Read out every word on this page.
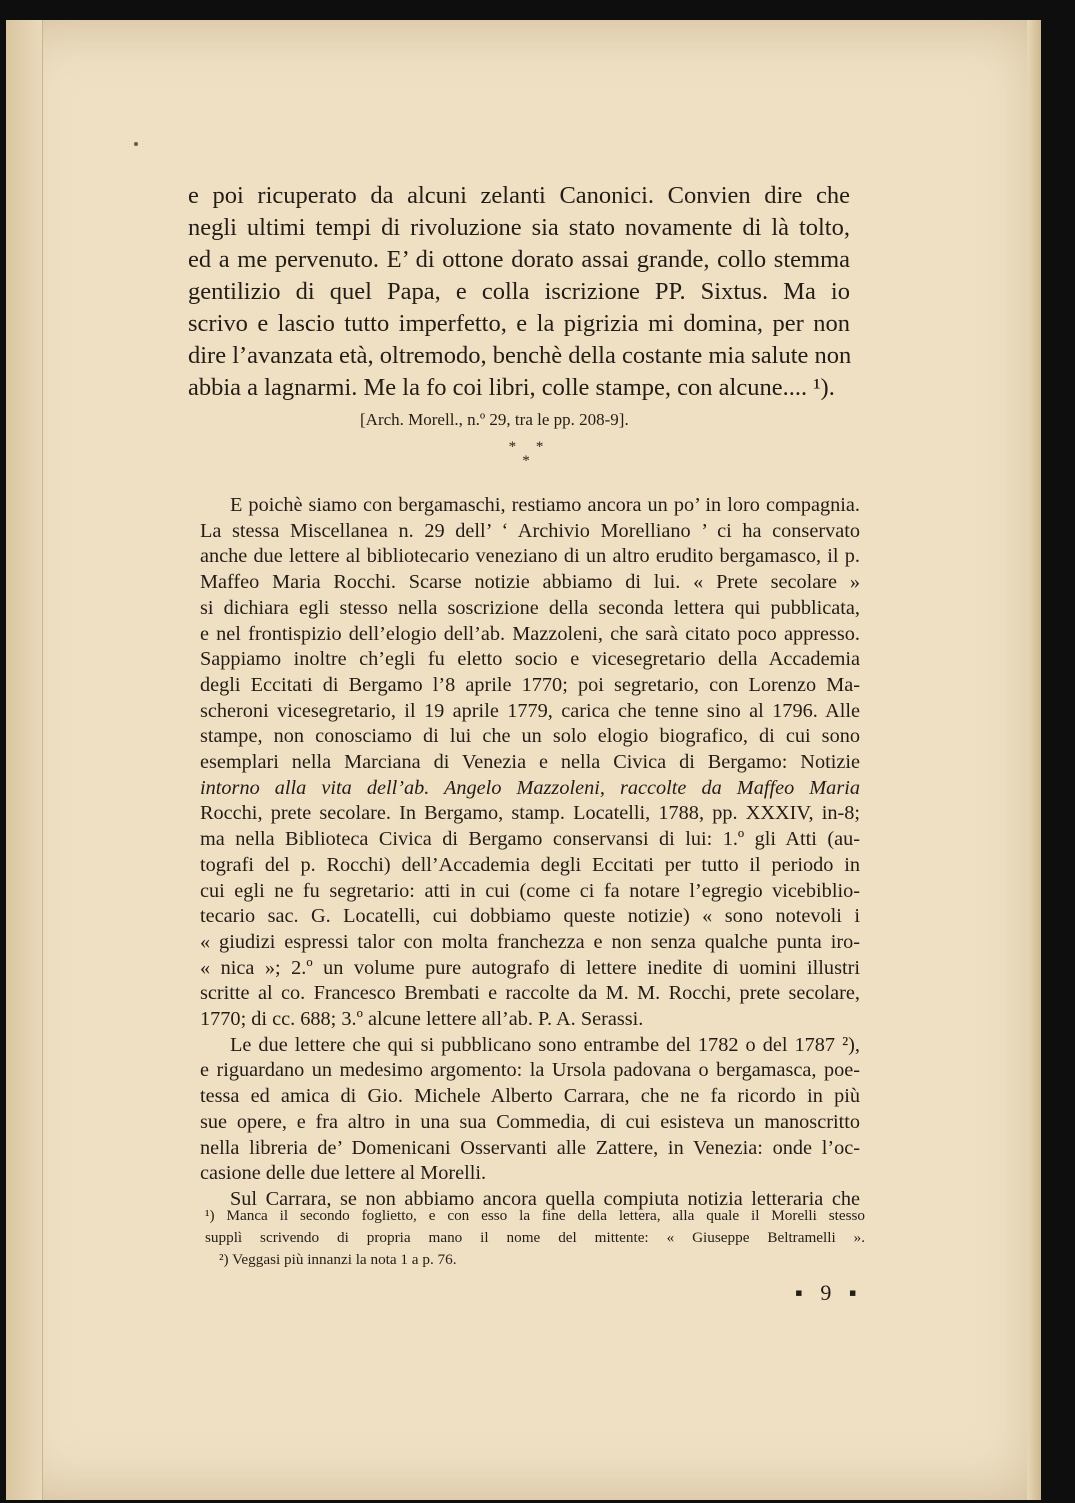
e poi ricuperato da alcuni zelanti Canonici. Convien dire che
negli ultimi tempi di rivoluzione sia stato novamente di là tolto,
ed a me pervenuto. E’ di ottone dorato assai grande, collo stemma
gentilizio di quel Papa, e colla iscrizione PP. Sixtus. Ma io
scrivo e lascio tutto imperfetto, e la pigrizia mi domina, per non
dire l’avanzata età, oltremodo, benchè della costante mia salute non
abbia a lagnarmi. Me la fo coi libri, colle stampe, con alcune.... ¹).
[Arch. Morell., n.º 29, tra le pp. 208-9].
* * *
E poichè siamo con bergamaschi, restiamo ancora un po’ in loro compagnia.
La stessa Miscellanea n. 29 dell’ ‘ Archivio Morelliano ’ ci ha conservato
anche due lettere al bibliotecario veneziano di un altro erudito bergamasco, il p.
Maffeo Maria Rocchi. Scarse notizie abbiamo di lui. « Prete secolare »
si dichiara egli stesso nella soscrizione della seconda lettera qui pubblicata,
e nel frontispizio dell’elogio dell’ab. Mazzoleni, che sarà citato poco appresso.
Sappiamo inoltre ch’egli fu eletto socio e vicesegretario della Accademia
degli Eccitati di Bergamo l’8 aprile 1770; poi segretario, con Lorenzo Ma-
scheroni vicesegretario, il 19 aprile 1779, carica che tenne sino al 1796. Alle
stampe, non conosciamo di lui che un solo elogio biografico, di cui sono
esemplari nella Marciana di Venezia e nella Civica di Bergamo: Notizie
intorno alla vita dell’ab. Angelo Mazzoleni, raccolte da Maffeo Maria
Rocchi, prete secolare. In Bergamo, stamp. Locatelli, 1788, pp. XXXIV, in-8;
ma nella Biblioteca Civica di Bergamo conservansi di lui: 1.º gli Atti (au-
tografi del p. Rocchi) dell’Accademia degli Eccitati per tutto il periodo in
cui egli ne fu segretario: atti in cui (come ci fa notare l’egregio vicebiblio-
tecario sac. G. Locatelli, cui dobbiamo queste notizie) « sono notevoli i
« giudizi espressi talor con molta franchezza e non senza qualche punta iro-
« nica »; 2.º un volume pure autografo di lettere inedite di uomini illustri
scritte al co. Francesco Brembati e raccolte da M. M. Rocchi, prete secolare,
1770; di cc. 688; 3.º alcune lettere all’ab. P. A. Serassi.
Le due lettere che qui si pubblicano sono entrambe del 1782 o del 1787 ²),
e riguardano un medesimo argomento: la Ursola padovana o bergamasca, poe-
tessa ed amica di Gio. Michele Alberto Carrara, che ne fa ricordo in più
sue opere, e fra altro in una sua Commedia, di cui esisteva un manoscritto
nella libreria de’ Domenicani Osservanti alle Zattere, in Venezia: onde l’oc-
casione delle due lettere al Morelli.
Sul Carrara, se non abbiamo ancora quella compiuta notizia letteraria che
¹) Manca il secondo foglietto, e con esso la fine della lettera, alla quale il Morelli stesso
supplì scrivendo di propria mano il nome del mittente: « Giuseppe Beltramelli ».
²) Veggasi più innanzi la nota 1 a p. 76.
▪ 9 ▪
